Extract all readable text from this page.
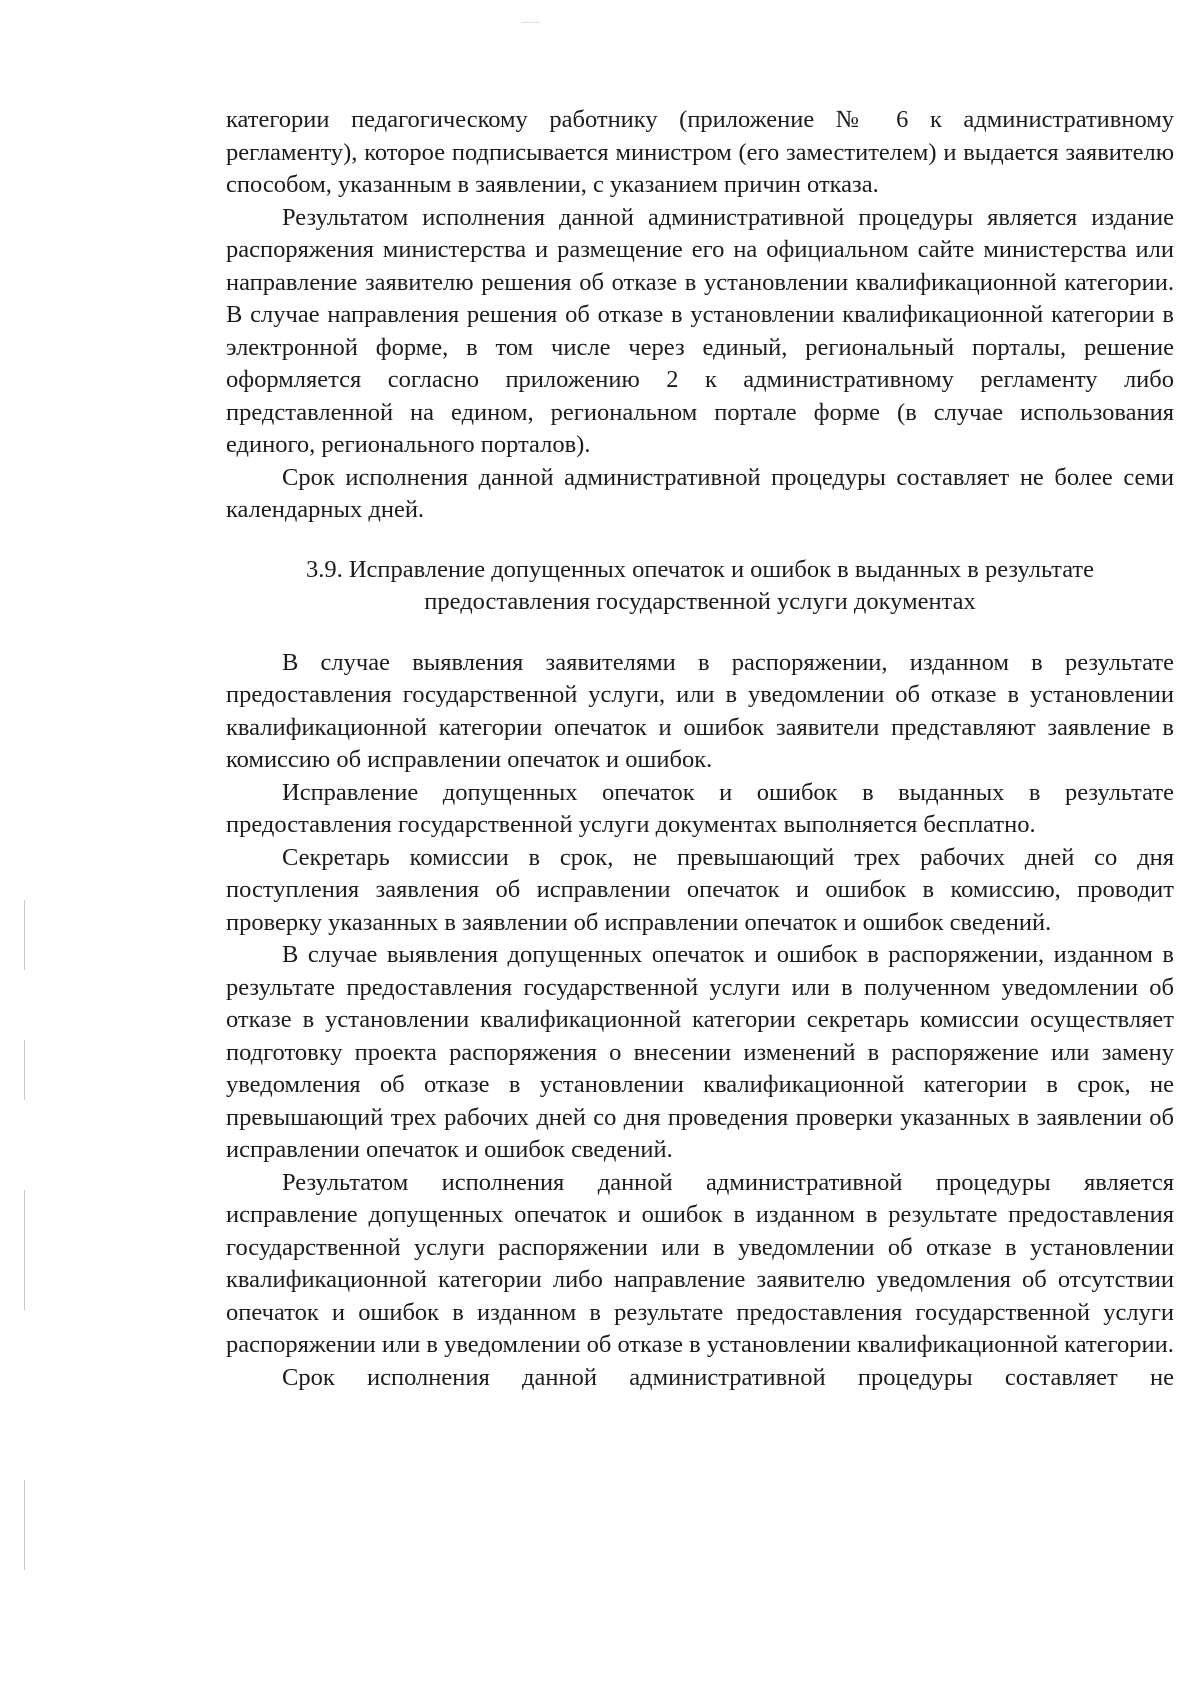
категории педагогическому работнику (приложение № 6 к административному регламенту), которое подписывается министром (его заместителем) и выдается заявителю способом, указанным в заявлении, с указанием причин отказа.

Результатом исполнения данной административной процедуры является издание распоряжения министерства и размещение его на официальном сайте министерства или направление заявителю решения об отказе в установлении квалификационной категории. В случае направления решения об отказе в установлении квалификационной категории в электронной форме, в том числе через единый, региональный порталы, решение оформляется согласно приложению 2 к административному регламенту либо представленной на едином, региональном портале форме (в случае использования единого, регионального порталов).

Срок исполнения данной административной процедуры составляет не более семи календарных дней.

3.9. Исправление допущенных опечаток и ошибок в выданных в результате предоставления государственной услуги документах

В случае выявления заявителями в распоряжении, изданном в результате предоставления государственной услуги, или в уведомлении об отказе в установлении квалификационной категории опечаток и ошибок заявители представляют заявление в комиссию об исправлении опечаток и ошибок.

Исправление допущенных опечаток и ошибок в выданных в результате предоставления государственной услуги документах выполняется бесплатно.

Секретарь комиссии в срок, не превышающий трех рабочих дней со дня поступления заявления об исправлении опечаток и ошибок в комиссию, проводит проверку указанных в заявлении об исправлении опечаток и ошибок сведений.

В случае выявления допущенных опечаток и ошибок в распоряжении, изданном в результате предоставления государственной услуги или в полученном уведомлении об отказе в установлении квалификационной категории секретарь комиссии осуществляет подготовку проекта распоряжения о внесении изменений в распоряжение или замену уведомления об отказе в установлении квалификационной категории в срок, не превышающий трех рабочих дней со дня проведения проверки указанных в заявлении об исправлении опечаток и ошибок сведений.

Результатом исполнения данной административной процедуры является исправление допущенных опечаток и ошибок в изданном в результате предоставления государственной услуги распоряжении или в уведомлении об отказе в установлении квалификационной категории либо направление заявителю уведомления об отсутствии опечаток и ошибок в изданном в результате предоставления государственной услуги распоряжении или в уведомлении об отказе в установлении квалификационной категории.

Срок исполнения данной административной процедуры составляет не
